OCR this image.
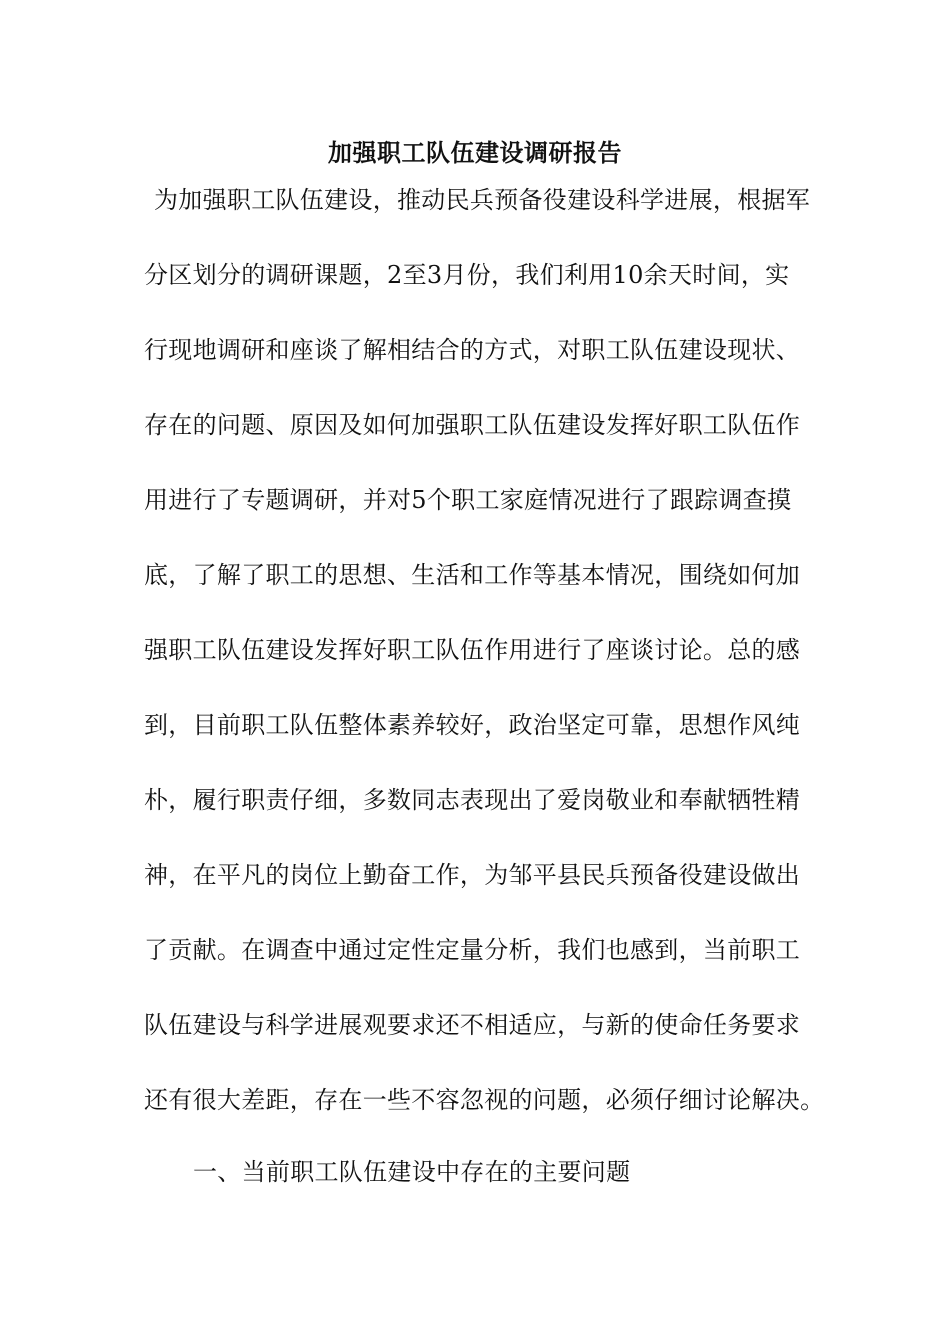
加强职工队伍建设调研报告
为加强职工队伍建设，推动民兵预备役建设科学进展，根据军
分区划分的调研课题，2至3月份，我们利用10余天时间，实
行现地调研和座谈了解相结合的方式，对职工队伍建设现状、
存在的问题、原因及如何加强职工队伍建设发挥好职工队伍作
用进行了专题调研，并对5个职工家庭情况进行了跟踪调查摸
底，了解了职工的思想、生活和工作等基本情况，围绕如何加
强职工队伍建设发挥好职工队伍作用进行了座谈讨论。总的感
到，目前职工队伍整体素养较好，政治坚定可靠，思想作风纯
朴，履行职责仔细，多数同志表现出了爱岗敬业和奉献牺牲精
神，在平凡的岗位上勤奋工作，为邹平县民兵预备役建设做出
了贡献。在调查中通过定性定量分析，我们也感到，当前职工
队伍建设与科学进展观要求还不相适应，与新的使命任务要求
还有很大差距，存在一些不容忽视的问题，必须仔细讨论解决。
一、当前职工队伍建设中存在的主要问题
